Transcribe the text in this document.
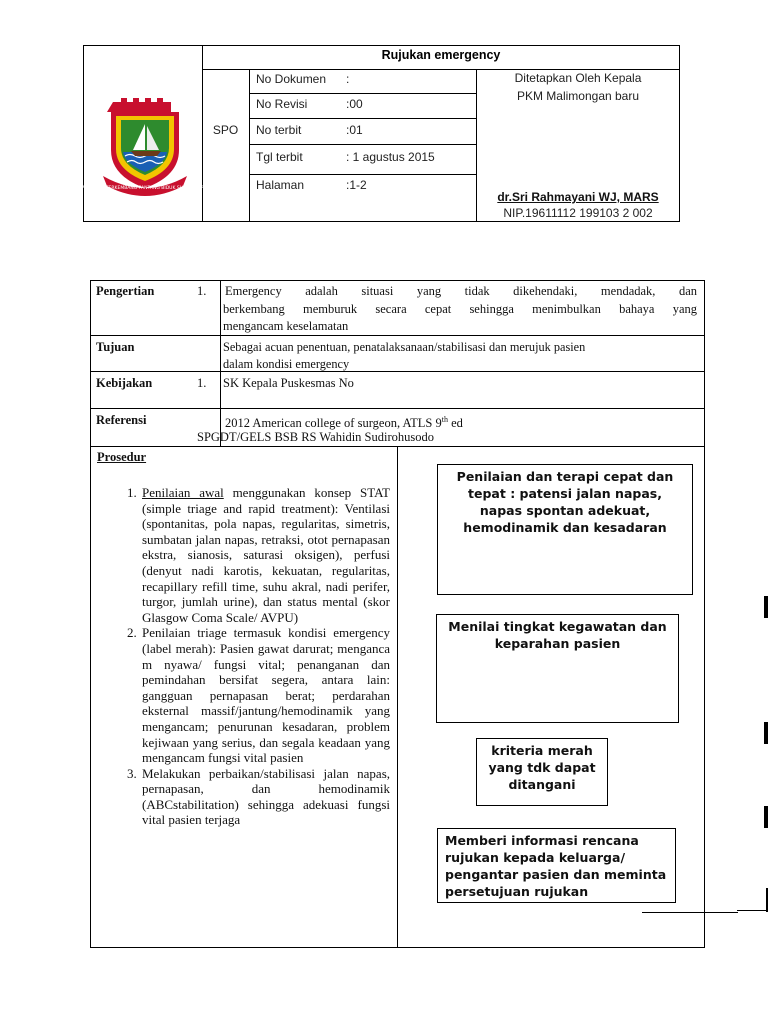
Rujukan emergency
SPO
No Dokumen :
No Revisi	:00
No terbit	:01
Tgl terbit	: 1 agustus 2015
Halaman	:1-2
Ditetapkan Oleh Kepala
PKM Malimongan baru
dr.Sri Rahmayani WJ, MARS
NIP.19611112 199103 2 002
SEKALI LAYAR TERKEMBANG PANTANG BIDUK SURUT KE PANTAI
Pengertian	1. Emergency adalah situasi yang tidak dikehendaki, mendadak, dan
berkembang memburuk secara cepat sehingga menimbulkan bahaya yang
mengancam keselamatan
Tujuan	Sebagai acuan penentuan, penatalaksanaan/stabilisasi dan merujuk pasien
dalam kondisi emergency
Kebijakan	1. SK Kepala Puskesmas No
Referensi	2012 American college of surgeon, ATLS 9th ed
SPGDT/GELS BSB RS Wahidin Sudirohusodo
Prosedur
1. Penilaian awal menggunakan konsep STAT (simple triage and rapid treatment): Ventilasi (spontanitas, pola napas, regularitas, simetris, sumbatan jalan napas, retraksi, otot pernapasan ekstra, sianosis, saturasi oksigen), perfusi (denyut nadi karotis, kekuatan, regularitas, recapillary refill time, suhu akral, nadi perifer, turgor, jumlah urine), dan status mental (skor Glasgow Coma Scale/ AVPU)
2. Penilaian triage termasuk kondisi emergency (label merah): Pasien gawat darurat; menganca m nyawa/ fungsi vital; penanganan dan pemindahan bersifat segera, antara lain: gangguan pernapasan berat; perdarahan eksternal massif/jantung/hemodinamik yang mengancam; penurunan kesadaran, problem kejiwaan yang serius, dan segala keadaan yang mengancam fungsi vital pasien
3. Melakukan perbaikan/stabilisasi jalan napas, pernapasan, dan hemodinamik (ABCstabilitation) sehingga adekuasi fungsi vital pasien terjaga
Penilaian dan terapi cepat dan tepat : patensi jalan napas, napas spontan adekuat, hemodinamik dan kesadaran
Menilai tingkat kegawatan dan keparahan pasien
kriteria merah yang tdk dapat ditangani
Memberi informasi rencana rujukan kepada keluarga/ pengantar pasien dan meminta persetujuan rujukan
